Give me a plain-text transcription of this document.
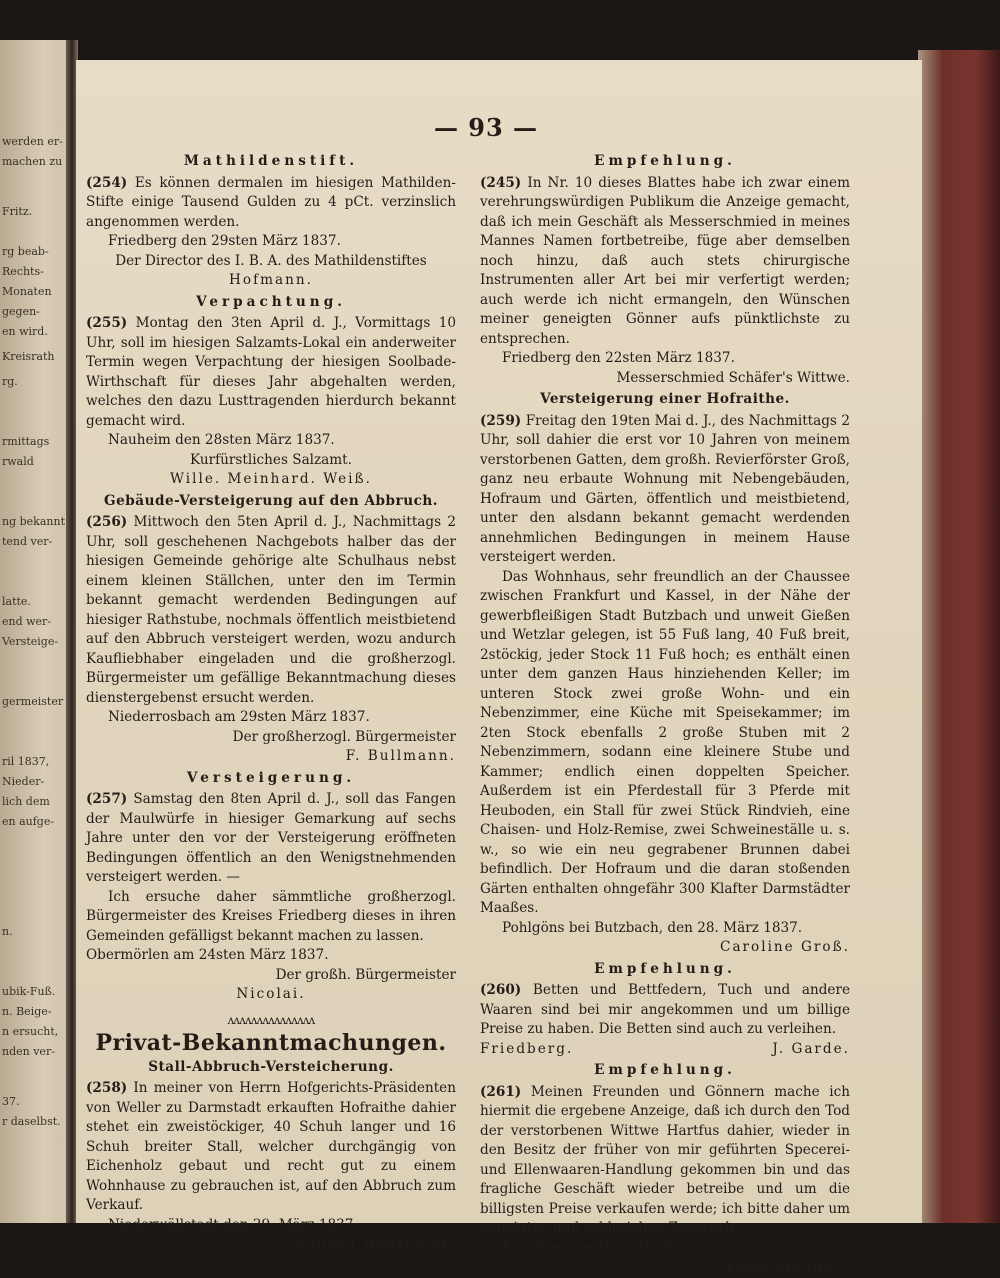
werden er-
machen zu
Fritz.
rg beab-
Rechts-
Monaten
gegen-
en wird.
Kreisrath
rg.
rmittags
rwald
ng bekannt
tend ver-
latte.
end wer-
Versteige-
germeister
ril 1837,
Nieder-
lich dem
en aufge-
n.
ubik-Fuß.
n. Beige-
n ersucht,
nden ver-
37.
r daselbst.
— 93 —
Mathildenstift.

(254) Es können dermalen im hiesigen Mathilden-Stifte einige Tausend Gulden zu 4 pCt. verzinslich angenommen werden.

Friedberg den 29sten März 1837.

Der Director des I. B. A. des Mathildenstiftes

Hofmann.

Verpachtung.

(255) Montag den 3ten April d. J., Vormittags 10 Uhr, soll im hiesigen Salzamts-Lokal ein anderweiter Termin wegen Verpachtung der hiesigen Soolbade-Wirthschaft für dieses Jahr abgehalten werden, welches den dazu Lusttragenden hierdurch bekannt gemacht wird.

Nauheim den 28sten März 1837.

Kurfürstliches Salzamt.

Wille. Meinhard. Weiß.

Gebäude-Versteigerung auf den Abbruch.

(256) Mittwoch den 5ten April d. J., Nachmittags 2 Uhr, soll geschehenen Nachgebots halber das der hiesigen Gemeinde gehörige alte Schulhaus nebst einem kleinen Ställchen, unter den im Termin bekannt gemacht werdenden Bedingungen auf hiesiger Rathstube, nochmals öffentlich meistbietend auf den Abbruch versteigert werden, wozu andurch Kaufliebhaber eingeladen und die großherzogl. Bürgermeister um gefällige Bekanntmachung dieses dienstergebenst ersucht werden.

Niederrosbach am 29sten März 1837.

Der großherzogl. Bürgermeister

F. Bullmann.

Versteigerung.

(257) Samstag den 8ten April d. J., soll das Fangen der Maulwürfe in hiesiger Gemarkung auf sechs Jahre unter den vor der Versteigerung eröffneten Bedingungen öffentlich an den Wenigstnehmenden versteigert werden. —

Ich ersuche daher sämmtliche großherzogl. Bürgermeister des Kreises Friedberg dieses in ihren Gemeinden gefälligst bekannt machen zu lassen.

Obermörlen am 24sten März 1837.

Der großh. Bürgermeister

Nicolai.

ᴧᴧᴧᴧᴧᴧᴧᴧᴧᴧᴧᴧᴧᴧᴧ
Privat-Bekanntmachungen.
Stall-Abbruch-Versteicherung.

(258) In meiner von Herrn Hofgerichts-Präsidenten von Weller zu Darmstadt erkauften Hofraithe dahier stehet ein zweistöckiger, 40 Schuh langer und 16 Schuh breiter Stall, welcher durchgängig von Eichenholz gebaut und recht gut zu einem Wohnhause zu gebrauchen ist, auf den Abbruch zum Verkauf.

Niederwöllstadt den 29. März 1837.

Konrad Bausch 3r.

Empfehlung.

(245) In Nr. 10 dieses Blattes habe ich zwar einem verehrungswürdigen Publikum die Anzeige gemacht, daß ich mein Geschäft als Messerschmied in meines Mannes Namen fortbetreibe, füge aber demselben noch hinzu, daß auch stets chirurgische Instrumenten aller Art bei mir verfertigt werden; auch werde ich nicht ermangeln, den Wünschen meiner geneigten Gönner aufs pünktlichste zu entsprechen.

Friedberg den 22sten März 1837.

Messerschmied Schäfer's Wittwe.

Versteigerung einer Hofraithe.

(259) Freitag den 19ten Mai d. J., des Nachmittags 2 Uhr, soll dahier die erst vor 10 Jahren von meinem verstorbenen Gatten, dem großh. Revierförster Groß, ganz neu erbaute Wohnung mit Nebengebäuden, Hofraum und Gärten, öffentlich und meistbietend, unter den alsdann bekannt gemacht werdenden annehmlichen Bedingungen in meinem Hause versteigert werden.

Das Wohnhaus, sehr freundlich an der Chaussee zwischen Frankfurt und Kassel, in der Nähe der gewerbfleißigen Stadt Butzbach und unweit Gießen und Wetzlar gelegen, ist 55 Fuß lang, 40 Fuß breit, 2stöckig, jeder Stock 11 Fuß hoch; es enthält einen unter dem ganzen Haus hinziehenden Keller; im unteren Stock zwei große Wohn- und ein Nebenzimmer, eine Küche mit Speisekammer; im 2ten Stock ebenfalls 2 große Stuben mit 2 Nebenzimmern, sodann eine kleinere Stube und Kammer; endlich einen doppelten Speicher. Außerdem ist ein Pferdestall für 3 Pferde mit Heuboden, ein Stall für zwei Stück Rindvieh, eine Chaisen- und Holz-Remise, zwei Schweineställe u. s. w., so wie ein neu gegrabener Brunnen dabei befindlich. Der Hofraum und die daran stoßenden Gärten enthalten ohngefähr 300 Klafter Darmstädter Maaßes.

Pohlgöns bei Butzbach, den 28. März 1837.

Caroline Groß.

Empfehlung.

(260) Betten und Bettfedern, Tuch und andere Waaren sind bei mir angekommen und um billige Preise zu haben. Die Betten sind auch zu verleihen.

Friedberg.	J. Garde.

Empfehlung.

(261) Meinen Freunden und Gönnern mache ich hiermit die ergebene Anzeige, daß ich durch den Tod der verstorbenen Wittwe Hartfus dahier, wieder in den Besitz der früher von mir geführten Specerei- und Ellenwaaren-Handlung gekommen bin und das fragliche Geschäft wieder betreibe und um die billigsten Preise verkaufen werde; ich bitte daher um geneigten und zahlreichen Zuspruch.

Friedberg im März 1837.

Adam Menges.
